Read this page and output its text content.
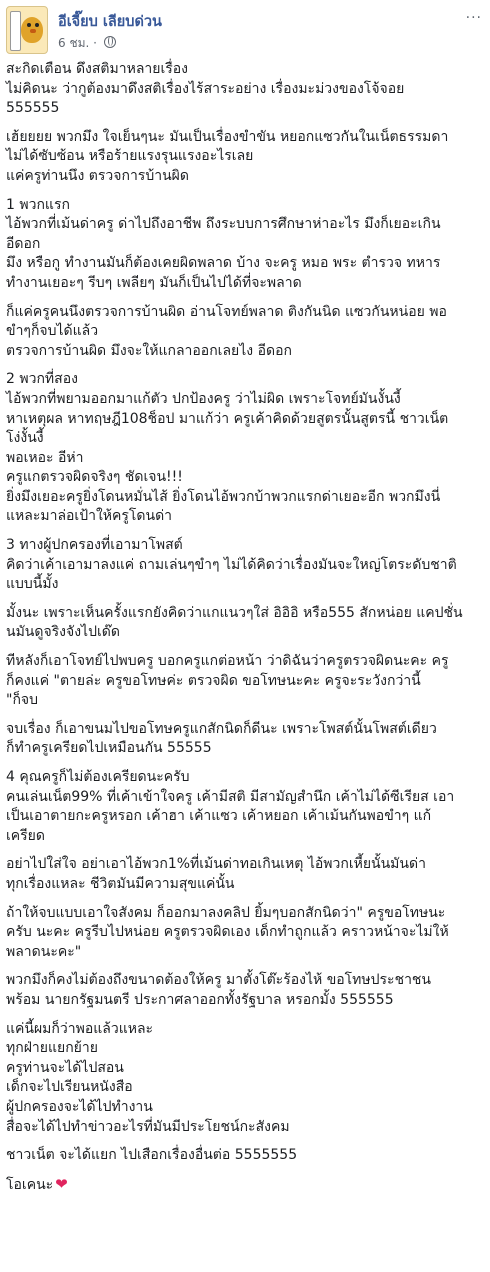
อีเจี๊ยบ เลียบด่วน
6 ชม. ·
···
สะกิดเตือน ดึงสติมาหลายเรื่อง
ไม่คิดนะ ว่ากูต้องมาดึงสติเรื่องไร้สาระอย่าง เรื่องมะม่วงของโจ้จอย
555555
เฮ้ยยยย พวกมึง ใจเย็นๆนะ มันเป็นเรื่องขำขัน หยอกแซวกันในเน็ตธรรมดา
ไม่ได้ซับซ้อน หรือร้ายแรงรุนแรงอะไรเลย
แค่ครูท่านนึง ตรวจการบ้านผิด
1 พวกแรก
ไอ้พวกที่เม้นด่าครู ด่าไปถึงอาชีพ ถึงระบบการศึกษาห่าอะไร มึงก็เยอะเกิน
อีดอก
มึง หรือกู ทำงานมันก็ต้องเคยผิดพลาด บ้าง จะครู หมอ พระ ตำรวจ ทหาร
ทำงานเยอะๆ รีบๆ เพลียๆ มันก็เป็นไปได้ที่จะพลาด
ก็แค่ครูคนนึงตรวจการบ้านผิด อ่านโจทย์พลาด ติงกันนิด แซวกันหน่อย พอ
ขำๆก็จบได้แล้ว
ตรวจการบ้านผิด มึงจะให้แกลาออกเลยไง อีดอก
2 พวกที่สอง
ไอ้พวกที่พยามออกมาแก้ตัว ปกป้องครู ว่าไม่ผิด เพราะโจทย์มันงั้นงี้
หาเหตุผล หาทฤษฎี108ช็อป มาแก้ว่า ครูเค้าคิดด้วยสูตรนั้นสูตรนี้ ชาวเน็ต
โง่งั้นงี้
พอเหอะ อีห่า
ครูแกตรวจผิดจริงๆ ชัดเจน!!!
ยิ่งมึงเยอะครูยิ่งโดนหมั่นไส้ ยิ่งโดนไอ้พวกบ้าพวกแรกด่าเยอะอีก พวกมึงนี่
แหละมาล่อเป้าให้ครูโดนด่า
3 ทางผู้ปกครองที่เอามาโพสต์
คิดว่าเค้าเอามาลงแค่ ถามเล่นๆขำๆ ไม่ได้คิดว่าเรื่องมันจะใหญ่โตระดับชาติ
แบบนี้มั้ง
มั้งนะ เพราะเห็นครั้งแรกยังคิดว่าแกแนวๆใส่ อิอิอิ หรือ555 สักหน่อย แคปชั่น
นมันดูจริงจังไปเด๊ด
ทีหลังก็เอาโจทย์ไปพบครู บอกครูแกต่อหน้า ว่าดิฉันว่าครูตรวจผิดนะคะ ครู
ก็คงแค่ "ตายล่ะ ครูขอโทษค่ะ ตรวจผิด ขอโทษนะคะ ครูจะระวังกว่านี้
"ก็จบ
จบเรื่อง ก็เอาขนมไปขอโทษครูแกสักนิดก็ดีนะ เพราะโพสต์นั้นโพสต์เดียว
ก็ทำครูเครียดไปเหมือนกัน 55555
4 คุณครูก็ไม่ต้องเครียดนะครับ
คนเล่นเน็ต99% ที่เค้าเข้าใจครู เค้ามีสติ มีสามัญสำนึก เค้าไม่ได้ซีเรียส เอา
เป็นเอาตายกะครูหรอก เค้าฮา เค้าแซว เค้าหยอก เค้าเม้นกันพอขำๆ แก้
เครียด
อย่าไปใส่ใจ อย่าเอาไอ้พวก1%ที่เม้นด่าทอเกินเหตุ ไอ้พวกเหี้ยนั้นมันด่า
ทุกเรื่องแหละ ชีวิตมันมีความสุขแค่นั้น
ถ้าให้จบแบบเอาใจสังคม ก็ออกมาลงคลิป ยิ้มๆบอกสักนิดว่า" ครูขอโทษนะ
ครับ นะคะ ครูรีบไปหน่อย ครูตรวจผิดเอง เด็กทำถูกแล้ว คราวหน้าจะไม่ให้
พลาดนะคะ"
พวกมึงก็คงไม่ต้องถึงขนาดต้องให้ครู มาตั้งโต๊ะร้องไห้ ขอโทษประชาชน
พร้อม นายกรัฐมนตรี ประกาศลาออกทั้งรัฐบาล หรอกมั้ง 555555
แค่นี้ผมก็ว่าพอแล้วแหละ
ทุกฝ่ายแยกย้าย
ครูท่านจะได้ไปสอน
เด็กจะไปเรียนหนังสือ
ผู้ปกครองจะได้ไปทำงาน
สื่อจะได้ไปทำข่าวอะไรที่มันมีประโยชน์กะสังคม
ชาวเน็ต จะได้แยก ไปเสือกเรื่องอื่นต่อ 5555555
โอเคนะ ❤
